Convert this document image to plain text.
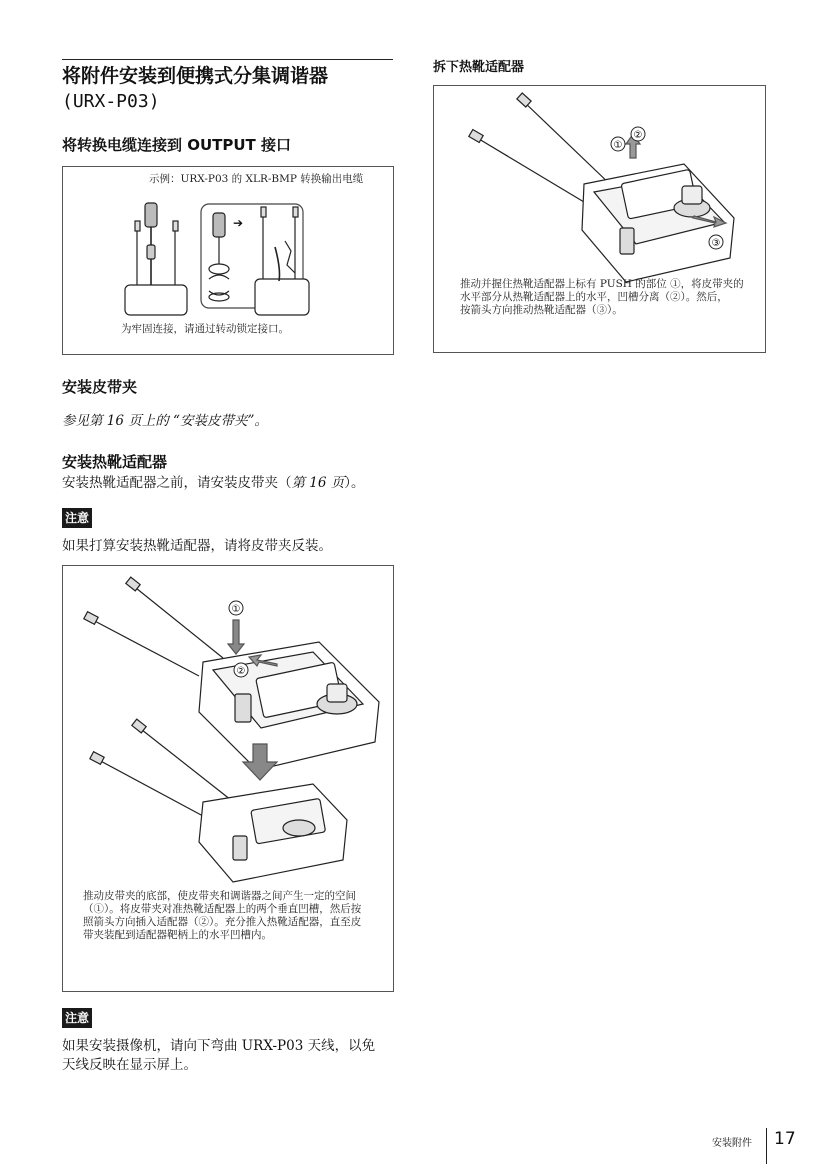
将附件安装到便携式分集调谐器
(URX-P03)
将转换电缆连接到 OUTPUT 接口
示例：URX-P03 的 XLR-BMP 转换输出电缆
➔
为牢固连接，请通过转动锁定接口。
安装皮带夹
参见第 16 页上的 “安装皮带夹”。
安装热靴适配器
安装热靴适配器之前，请安装皮带夹（第 16 页）。
注意
如果打算安装热靴适配器，请将皮带夹反装。
①
②
推动皮带夹的底部，使皮带夹和调谐器之间产生一定的空间
（①）。将皮带夹对准热靴适配器上的两个垂直凹槽，然后按
照箭头方向插入适配器（②）。充分推入热靴适配器，直至皮
带夹装配到适配器靶柄上的水平凹槽内。
注意
如果安装摄像机，请向下弯曲 URX-P03 天线，以免
天线反映在显示屏上。
拆下热靴适配器
①
②
③
推动并握住热靴适配器上标有 PUSH 的部位 ①，将皮带夹的
水平部分从热靴适配器上的水平，凹槽分离（②）。然后，
按箭头方向推动热靴适配器（③）。
安装附件 17
